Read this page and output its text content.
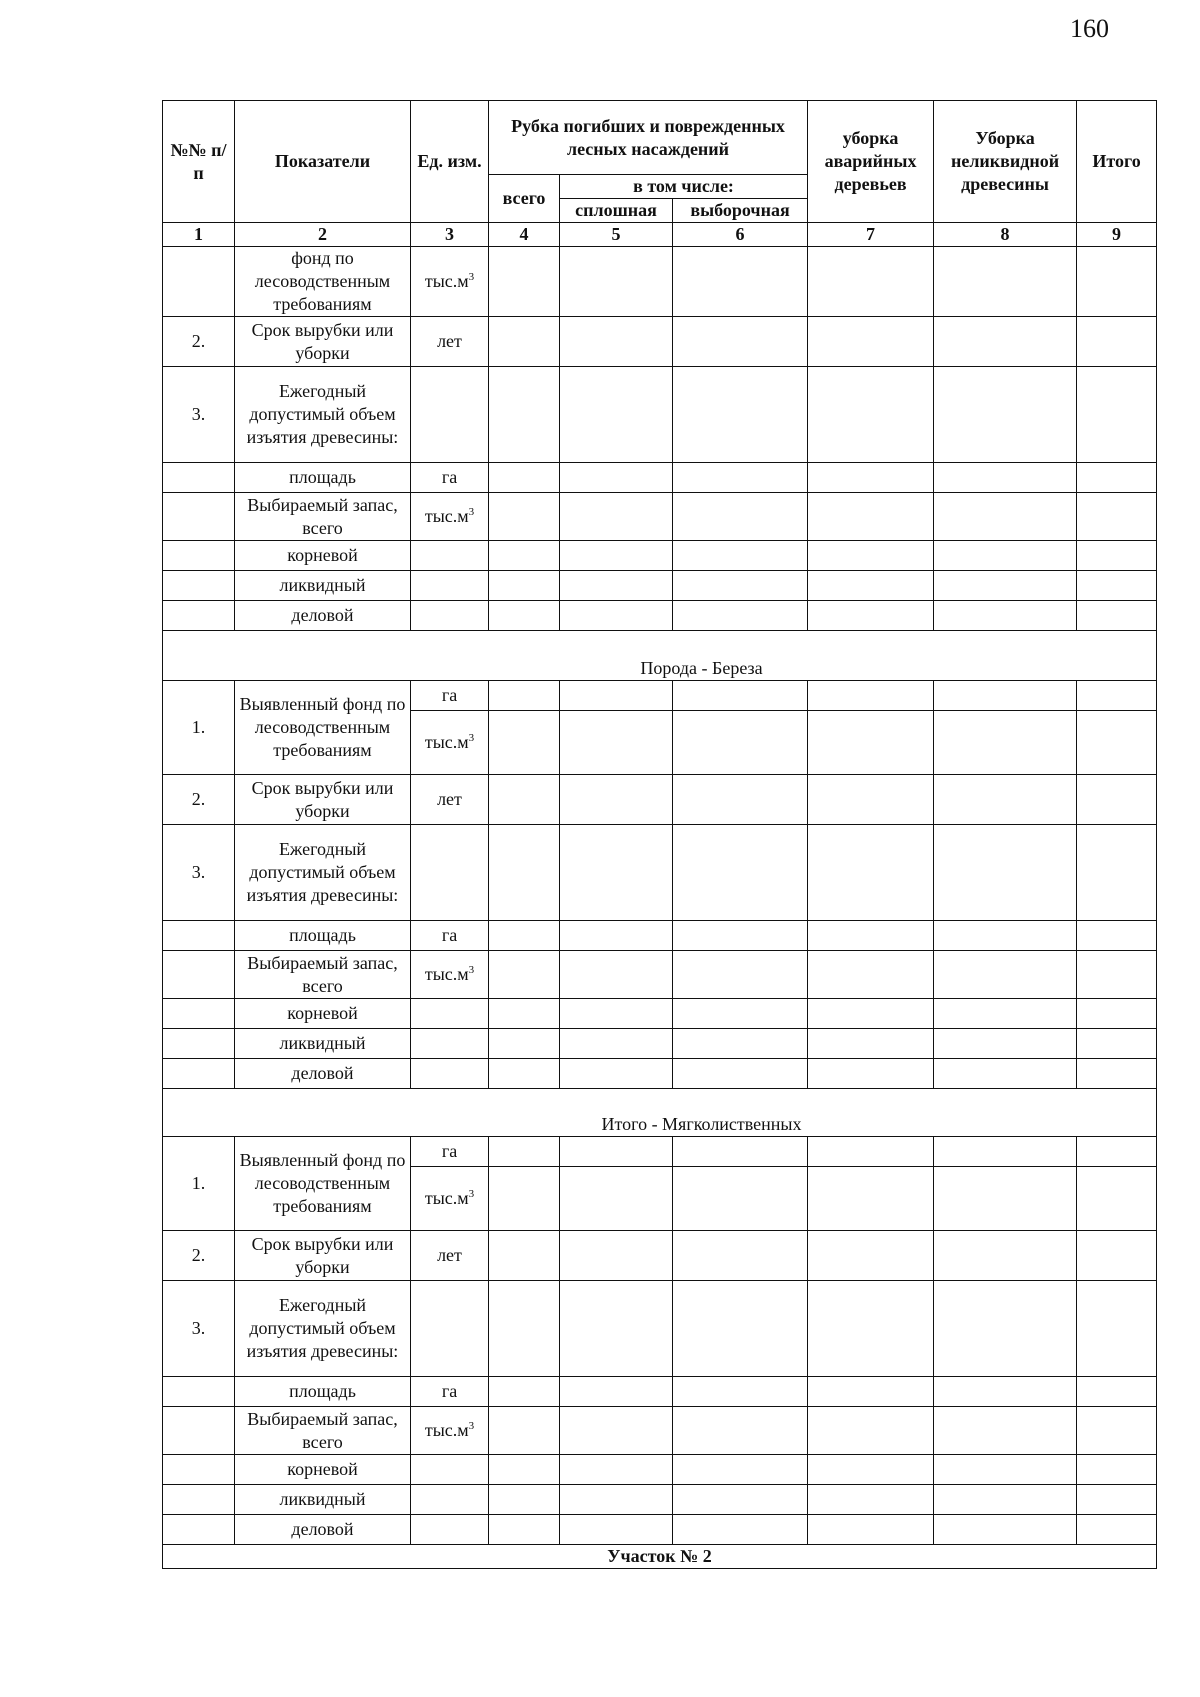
160
№№ п/п	Показатели	Ед. изм.	Рубка погибших и поврежденных лесных насаждений			уборка аварийных деревьев	Уборка неликвидной древесины	Итого
			всего	в том числе:				
				сплошная	выборочная			
1	2	3	4	5	6	7	8	9
	фонд по лесоводственным требованиям	$тыс.м^3$						
2.	Срок вырубки или уборки	лет						
3.	Ежегодный допустимый объем изъятия древесины:							
	площадь	га						
	Выбираемый запас, всего	$тыс.м^3$						
	корневой							
	ликвидный							
	деловой							
Порода - Береза								
1.	Выявленный фонд по лесоводственным требованиям	га						
		$тыс.м^3$						
2.	Срок вырубки или уборки	лет						
3.	Ежегодный допустимый объем изъятия древесины:							
	площадь	га						
	Выбираемый запас, всего	$тыс.м^3$						
	корневой							
	ликвидный							
	деловой							
Итого - Мягколиственных								
1.	Выявленный фонд по лесоводственным требованиям	га						
		$тыс.м^3$						
2.	Срок вырубки или уборки	лет						
3.	Ежегодный допустимый объем изъятия древесины:							
	площадь	га						
	Выбираемый запас, всего	$тыс.м^3$						
	корневой							
	ликвидный							
	деловой							
Участок № 2								
